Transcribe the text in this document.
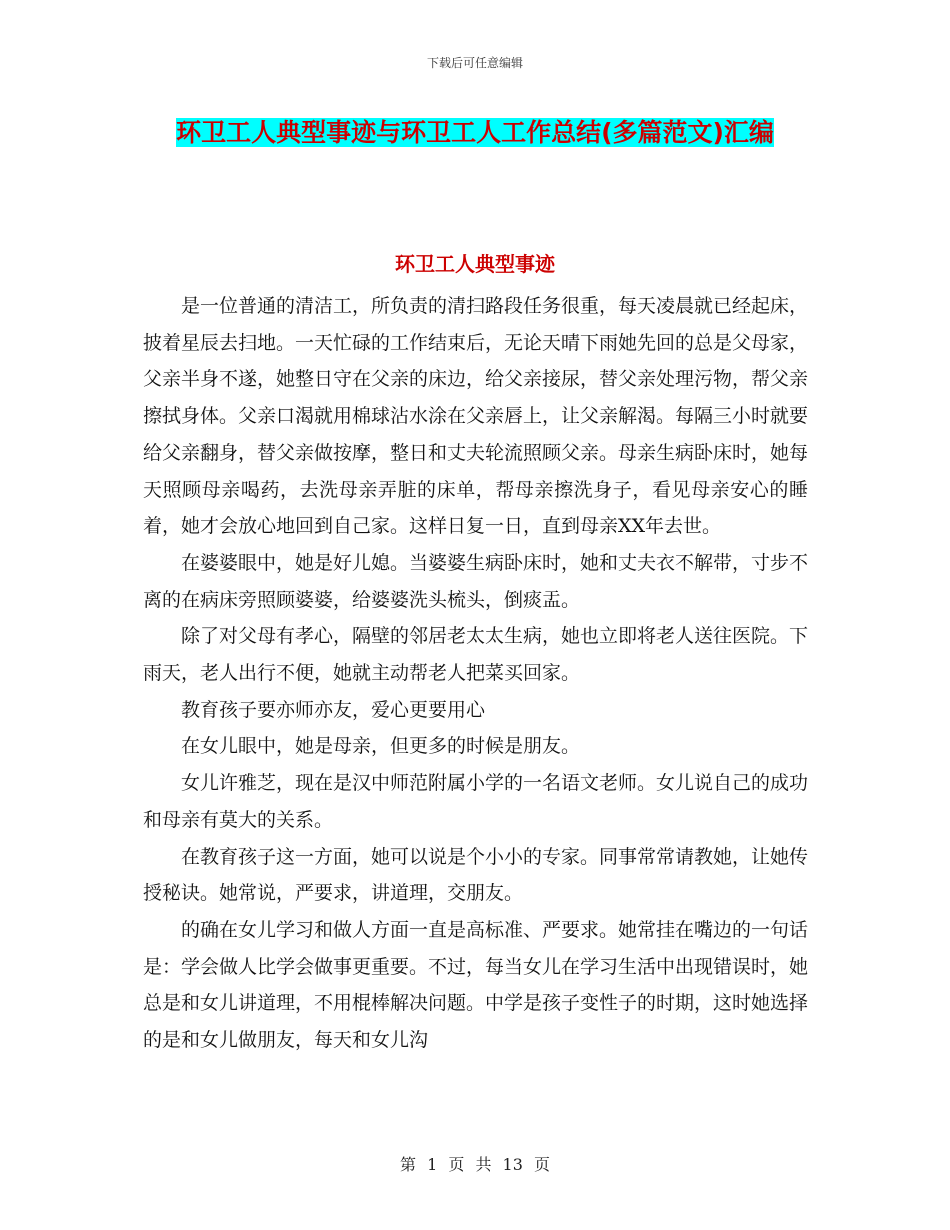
下载后可任意编辑
环卫工人典型事迹与环卫工人工作总结(多篇范文)汇编
环卫工人典型事迹

是一位普通的清洁工，所负责的清扫路段任务很重，每天凌晨就已经起床，披着星辰去扫地。一天忙碌的工作结束后，无论天晴下雨她先回的总是父母家，父亲半身不遂，她整日守在父亲的床边，给父亲接尿，替父亲处理污物，帮父亲擦拭身体。父亲口渴就用棉球沾水涂在父亲唇上，让父亲解渴。每隔三小时就要给父亲翻身，替父亲做按摩，整日和丈夫轮流照顾父亲。母亲生病卧床时，她每天照顾母亲喝药，去洗母亲弄脏的床单，帮母亲擦洗身子，看见母亲安心的睡着，她才会放心地回到自己家。这样日复一日，直到母亲XX年去世。

在婆婆眼中，她是好儿媳。当婆婆生病卧床时，她和丈夫衣不解带，寸步不离的在病床旁照顾婆婆，给婆婆洗头梳头，倒痰盂。

除了对父母有孝心，隔壁的邻居老太太生病，她也立即将老人送往医院。下雨天，老人出行不便，她就主动帮老人把菜买回家。

教育孩子要亦师亦友，爱心更要用心

在女儿眼中，她是母亲，但更多的时候是朋友。

女儿许雅芝，现在是汉中师范附属小学的一名语文老师。女儿说自己的成功和母亲有莫大的关系。

在教育孩子这一方面，她可以说是个小小的专家。同事常常请教她，让她传授秘诀。她常说，严要求，讲道理，交朋友。

的确在女儿学习和做人方面一直是高标准、严要求。她常挂在嘴边的一句话是：学会做人比学会做事更重要。不过，每当女儿在学习生活中出现错误时，她总是和女儿讲道理，不用棍棒解决问题。中学是孩子变性子的时期，这时她选择的是和女儿做朋友，每天和女儿沟

第 1 页 共 13 页
